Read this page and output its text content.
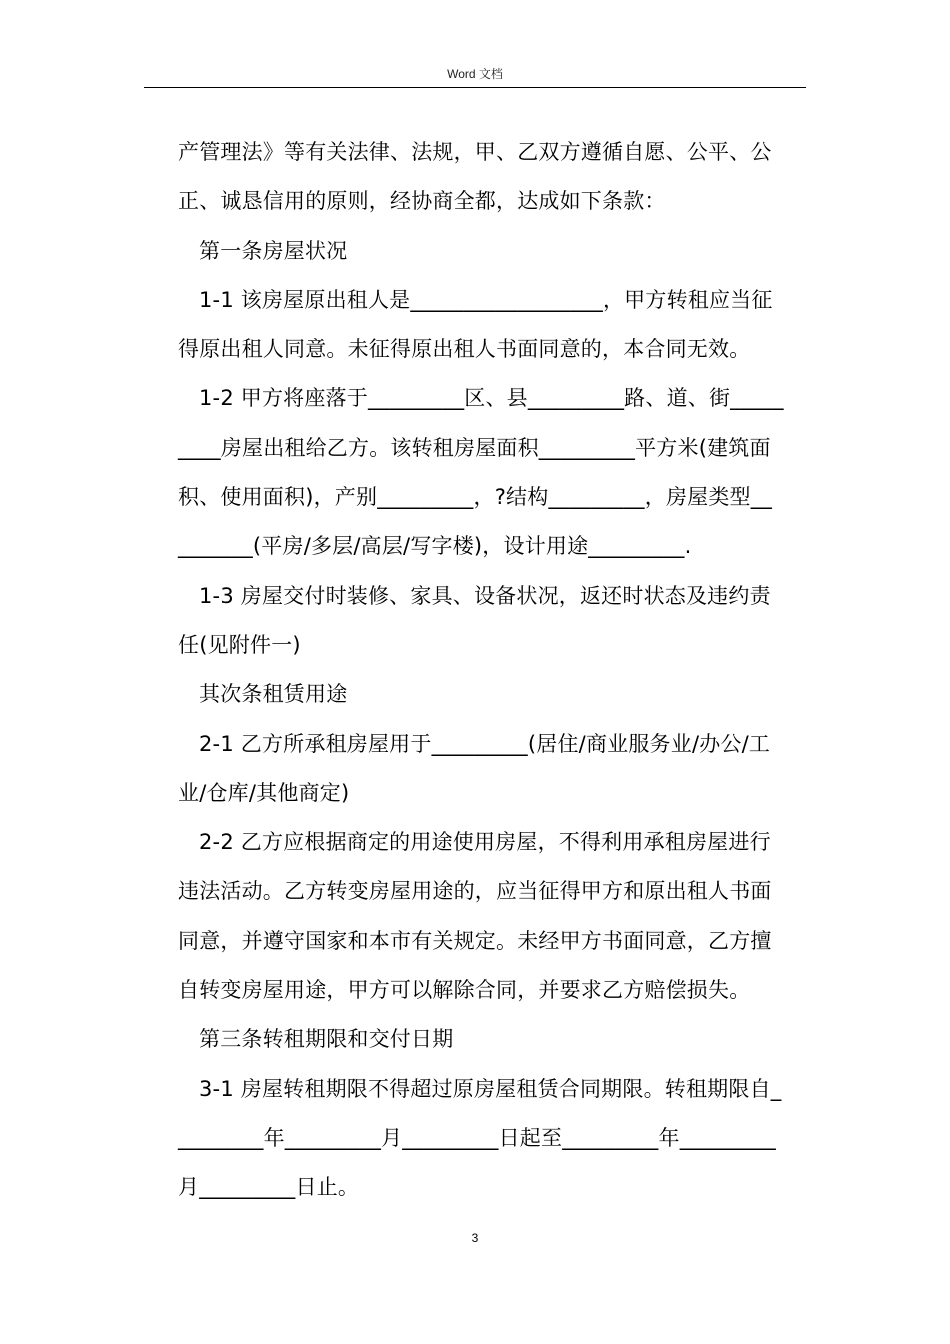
Word 文档
产管理法》等有关法律、法规，甲、乙双方遵循自愿、公平、公
正、诚恳信用的原则，经协商全都，达成如下条款：
第一条房屋状况
1-1 该房屋原出租人是__________________，甲方转租应当征
得原出租人同意。未征得原出租人书面同意的，本合同无效。
1-2 甲方将座落于_________区、县_________路、道、街_____
____房屋出租给乙方。该转租房屋面积_________平方米(建筑面
积、使用面积)，产别_________，?结构_________，房屋类型__
_______(平房/多层/高层/写字楼)，设计用途_________.
1-3 房屋交付时装修、家具、设备状况，返还时状态及违约责
任(见附件一)
其次条租赁用途
2-1 乙方所承租房屋用于_________(居住/商业服务业/办公/工
业/仓库/其他商定)
2-2 乙方应根据商定的用途使用房屋，不得利用承租房屋进行
违法活动。乙方转变房屋用途的，应当征得甲方和原出租人书面
同意，并遵守国家和本市有关规定。未经甲方书面同意，乙方擅
自转变房屋用途，甲方可以解除合同，并要求乙方赔偿损失。
第三条转租期限和交付日期
3-1 房屋转租期限不得超过原房屋租赁合同期限。转租期限自_
________年_________月_________日起至_________年_________
月_________日止。
3
